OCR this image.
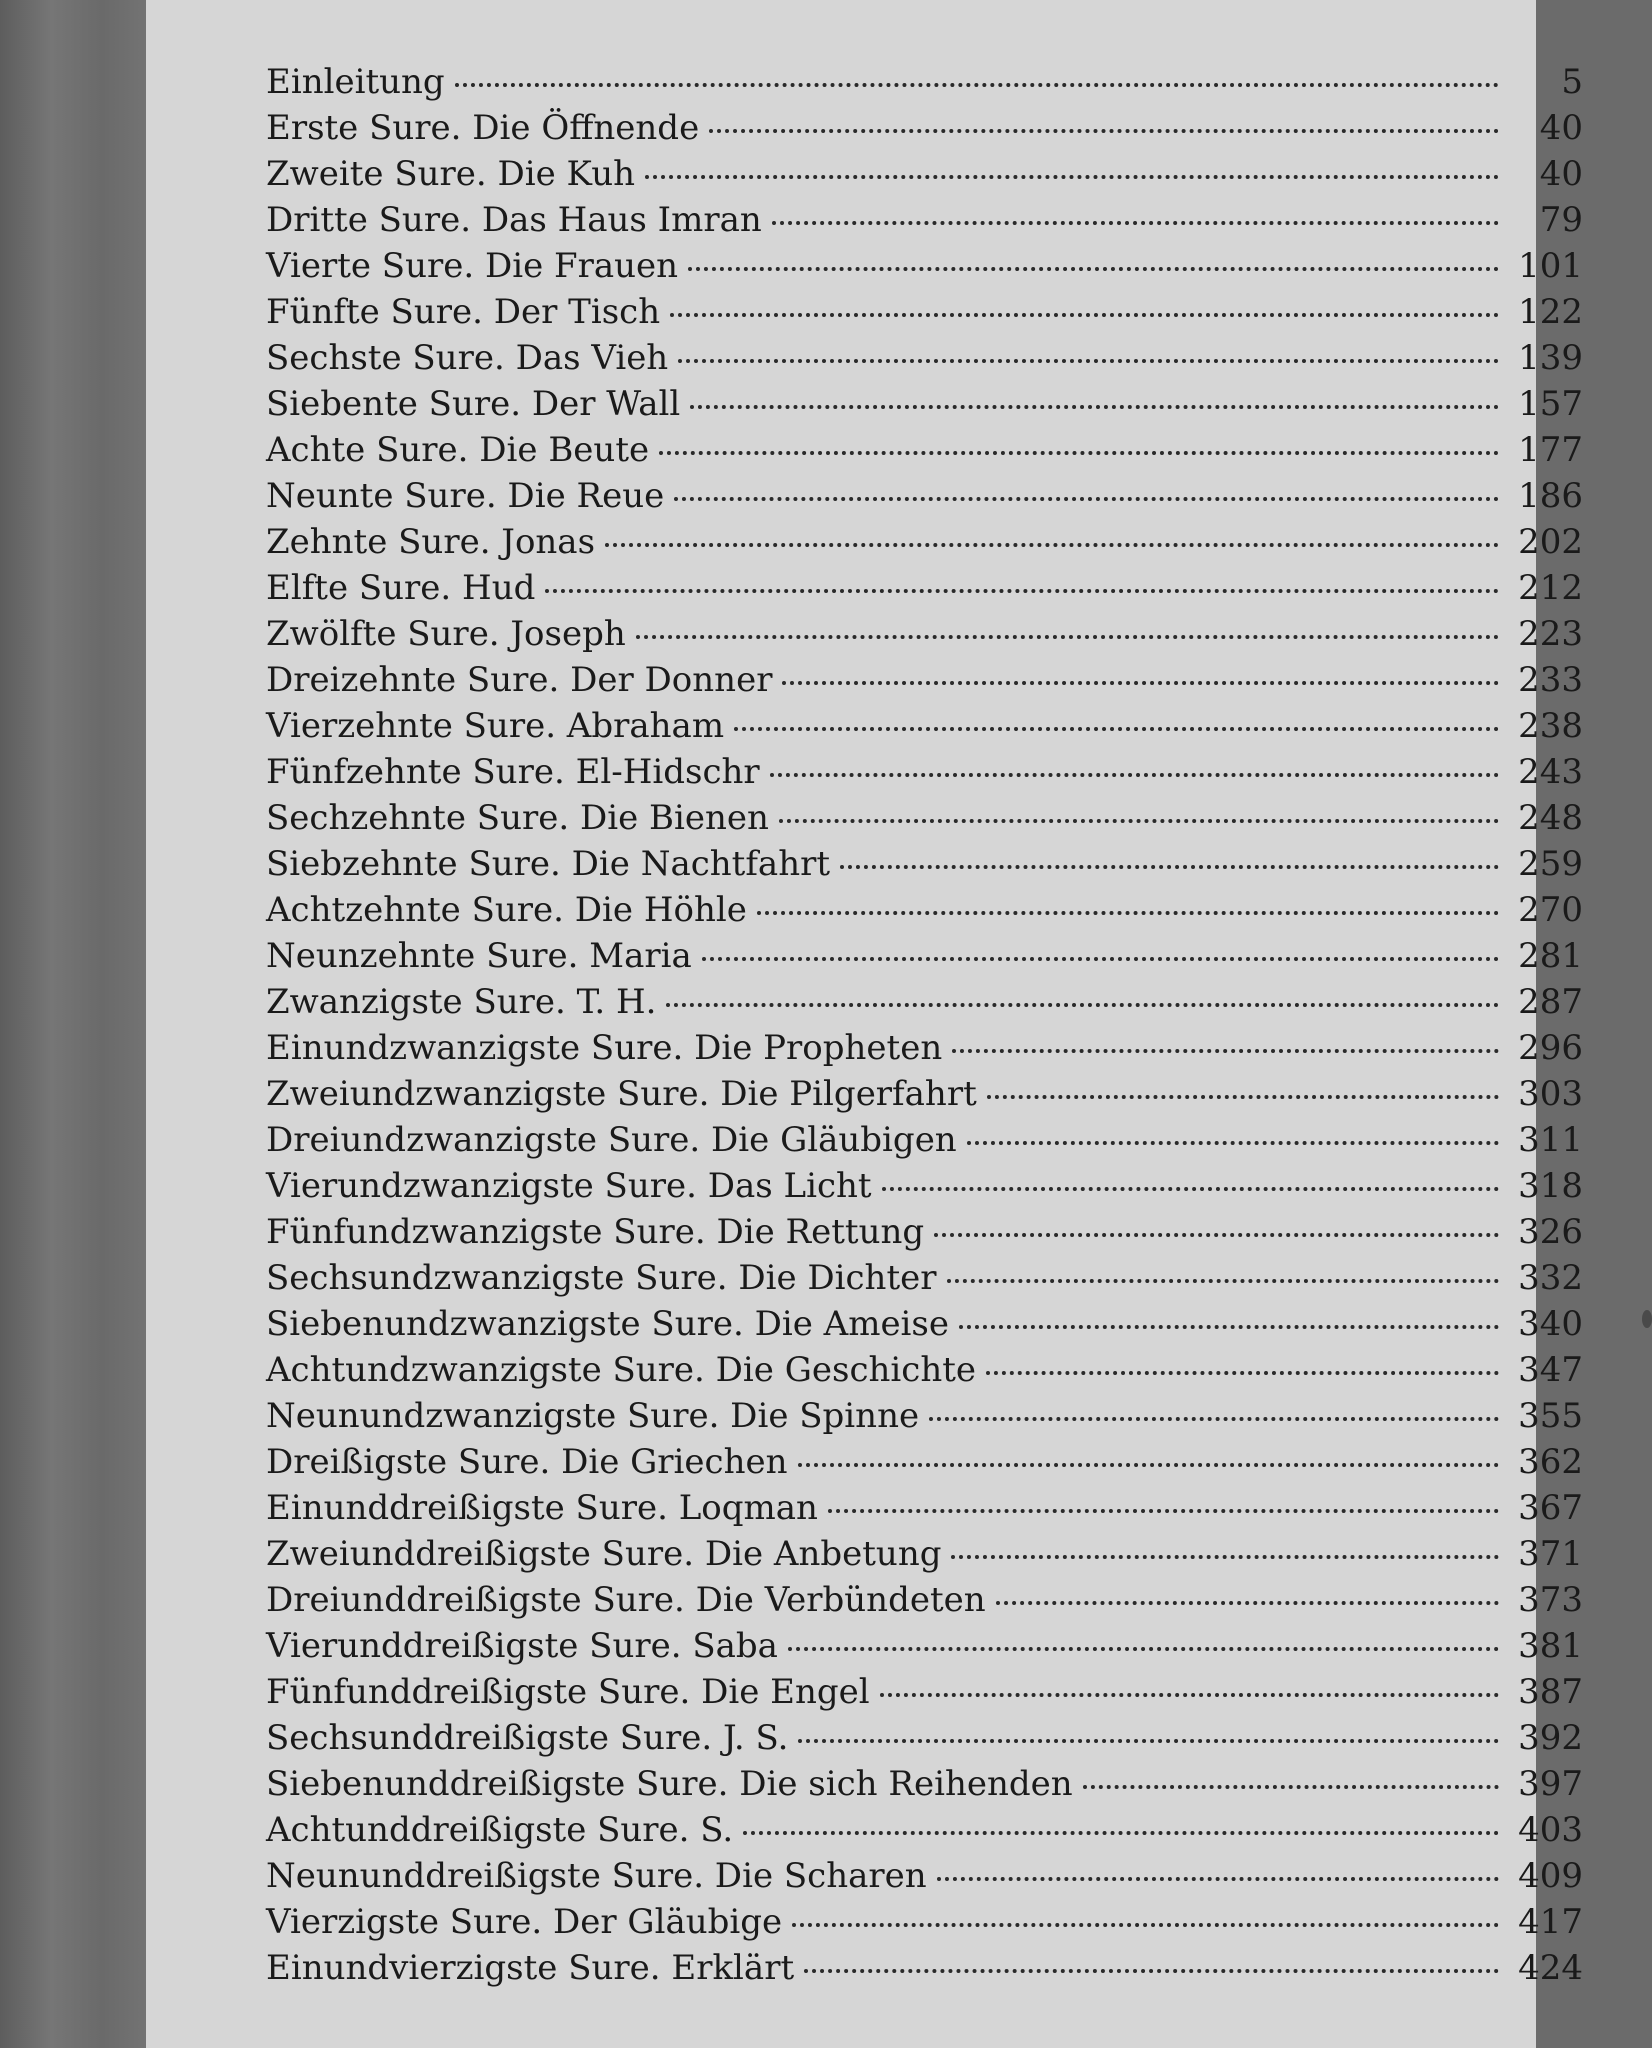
Einleitung	5
Erste Sure. Die Öffnende	40
Zweite Sure. Die Kuh	40
Dritte Sure. Das Haus Imran	79
Vierte Sure. Die Frauen	101
Fünfte Sure. Der Tisch	122
Sechste Sure. Das Vieh	139
Siebente Sure. Der Wall	157
Achte Sure. Die Beute	177
Neunte Sure. Die Reue	186
Zehnte Sure. Jonas	202
Elfte Sure. Hud	212
Zwölfte Sure. Joseph	223
Dreizehnte Sure. Der Donner	233
Vierzehnte Sure. Abraham	238
Fünfzehnte Sure. El-Hidschr	243
Sechzehnte Sure. Die Bienen	248
Siebzehnte Sure. Die Nachtfahrt	259
Achtzehnte Sure. Die Höhle	270
Neunzehnte Sure. Maria	281
Zwanzigste Sure. T. H.	287
Einundzwanzigste Sure. Die Propheten	296
Zweiundzwanzigste Sure. Die Pilgerfahrt	303
Dreiundzwanzigste Sure. Die Gläubigen	311
Vierundzwanzigste Sure. Das Licht	318
Fünfundzwanzigste Sure. Die Rettung	326
Sechsundzwanzigste Sure. Die Dichter	332
Siebenundzwanzigste Sure. Die Ameise	340
Achtundzwanzigste Sure. Die Geschichte	347
Neunundzwanzigste Sure. Die Spinne	355
Dreißigste Sure. Die Griechen	362
Einunddreißigste Sure. Loqman	367
Zweiunddreißigste Sure. Die Anbetung	371
Dreiunddreißigste Sure. Die Verbündeten	373
Vierunddreißigste Sure. Saba	381
Fünfunddreißigste Sure. Die Engel	387
Sechsunddreißigste Sure. J. S.	392
Siebenunddreißigste Sure. Die sich Reihenden	397
Achtunddreißigste Sure. S.	403
Neununddreißigste Sure. Die Scharen	409
Vierzigste Sure. Der Gläubige	417
Einundvierzigste Sure. Erklärt	424
